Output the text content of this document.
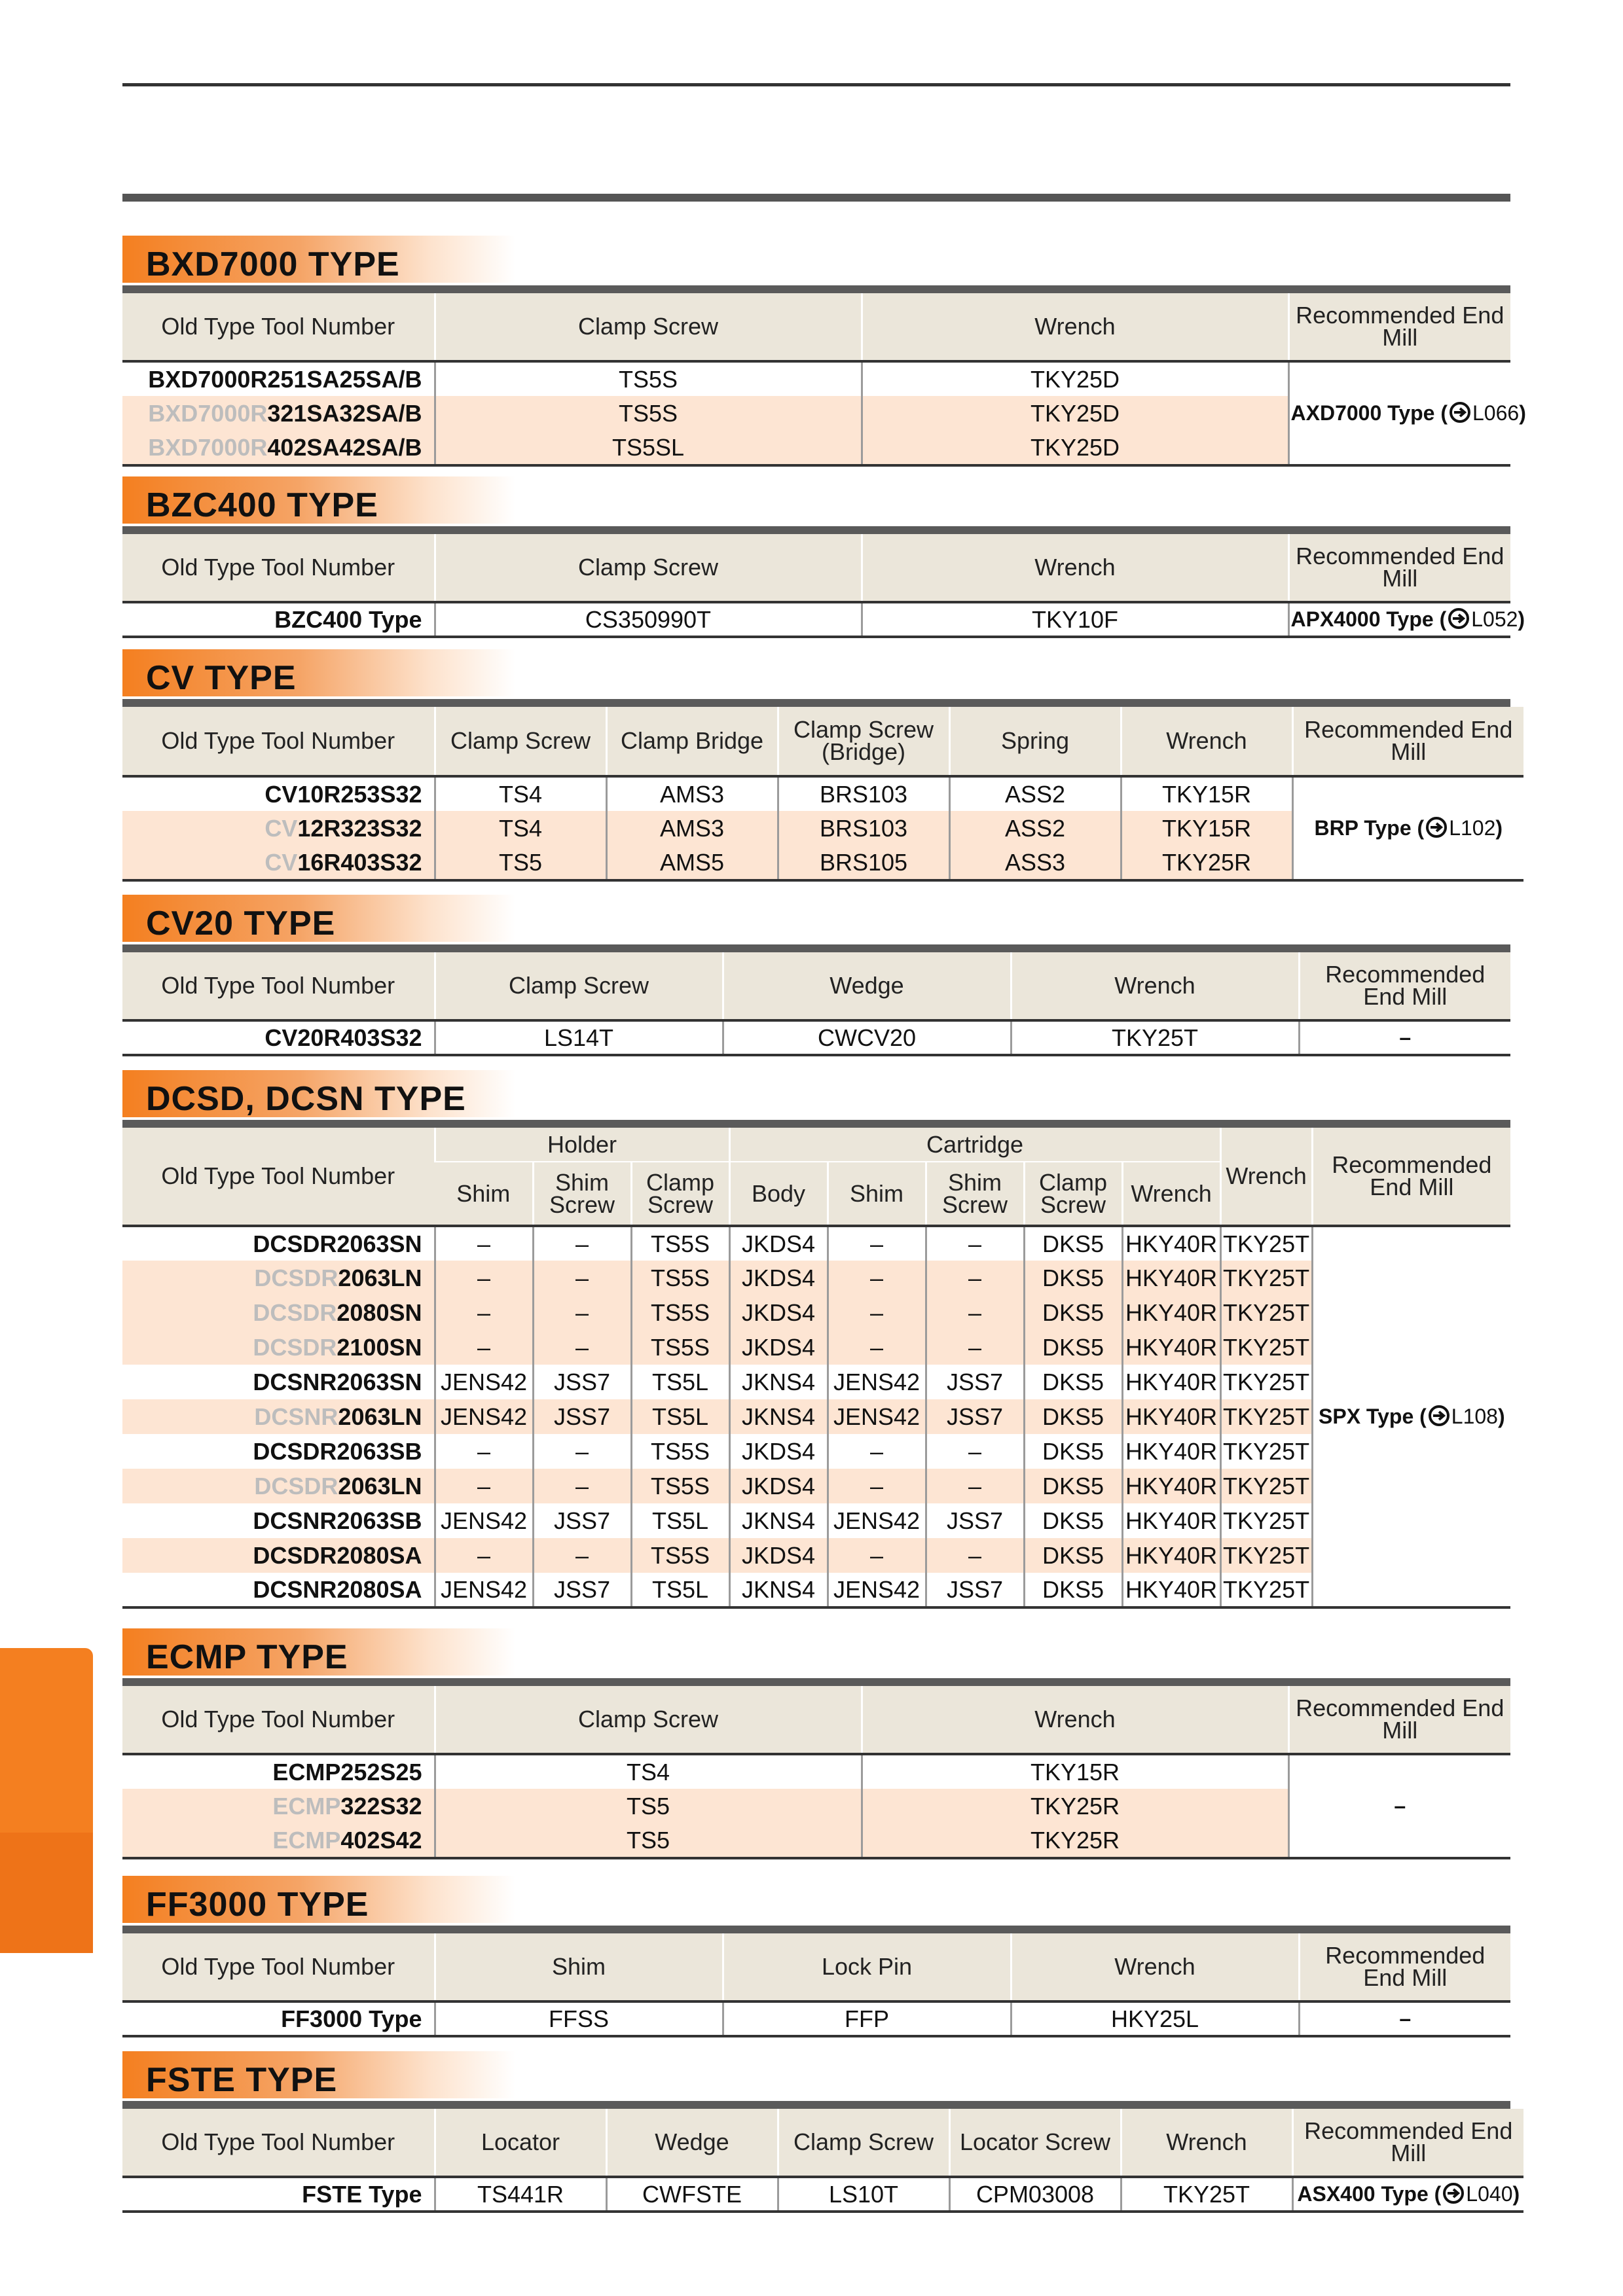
BXD7000 TYPE
Old Type Tool Number	Clamp Screw	Wrench	Recommended End Mill
BXD7000R251SA25SA/B	TS5S	TKY25D	AXD7000 Type ( L066)
BXD7000R321SA32SA/B	TS5S	TKY25D	
BXD7000R402SA42SA/B	TS5SL	TKY25D	
BZC400 TYPE
Old Type Tool Number	Clamp Screw	Wrench	Recommended End Mill
BZC400 Type	CS350990T	TKY10F	APX4000 Type ( L052)
CV TYPE
Old Type Tool Number	Clamp Screw	Clamp Bridge	Clamp Screw (Bridge)	Spring	Wrench	Recommended End Mill
CV10R253S32	TS4	AMS3	BRS103	ASS2	TKY15R	BRP Type ( L102)
CV12R323S32	TS4	AMS3	BRS103	ASS2	TKY15R	
CV16R403S32	TS5	AMS5	BRS105	ASS3	TKY25R	
CV20 TYPE
Old Type Tool Number	Clamp Screw	Wedge	Wrench	Recommended End Mill
CV20R403S32	LS14T	CWCV20	TKY25T	–
DCSD, DCSN TYPE
Old Type Tool Number	Holder			Cartridge					Wrench	Recommended End Mill
	Shim	Shim Screw	Clamp Screw	Body	Shim	Shim Screw	Clamp Screw	Wrench		
DCSDR2063SN	–	–	TS5S	JKDS4	–	–	DKS5	HKY40R	TKY25T	SPX Type ( L108)
DCSDR2063LN	–	–	TS5S	JKDS4	–	–	DKS5	HKY40R	TKY25T	
DCSDR2080SN	–	–	TS5S	JKDS4	–	–	DKS5	HKY40R	TKY25T	
DCSDR2100SN	–	–	TS5S	JKDS4	–	–	DKS5	HKY40R	TKY25T	
DCSNR2063SN	JENS42	JSS7	TS5L	JKNS4	JENS42	JSS7	DKS5	HKY40R	TKY25T	
DCSNR2063LN	JENS42	JSS7	TS5L	JKNS4	JENS42	JSS7	DKS5	HKY40R	TKY25T	
DCSDR2063SB	–	–	TS5S	JKDS4	–	–	DKS5	HKY40R	TKY25T	
DCSDR2063LN	–	–	TS5S	JKDS4	–	–	DKS5	HKY40R	TKY25T	
DCSNR2063SB	JENS42	JSS7	TS5L	JKNS4	JENS42	JSS7	DKS5	HKY40R	TKY25T	
DCSDR2080SA	–	–	TS5S	JKDS4	–	–	DKS5	HKY40R	TKY25T	
DCSNR2080SA	JENS42	JSS7	TS5L	JKNS4	JENS42	JSS7	DKS5	HKY40R	TKY25T	
ECMP TYPE
Old Type Tool Number	Clamp Screw	Wrench	Recommended End Mill
ECMP252S25	TS4	TKY15R	–
ECMP322S32	TS5	TKY25R	
ECMP402S42	TS5	TKY25R	
FF3000 TYPE
Old Type Tool Number	Shim	Lock Pin	Wrench	Recommended End Mill
FF3000 Type	FFSS	FFP	HKY25L	–
FSTE TYPE
Old Type Tool Number	Locator	Wedge	Clamp Screw	Locator Screw	Wrench	Recommended End Mill
FSTE Type	TS441R	CWFSTE	LS10T	CPM03008	TKY25T	ASX400 Type ( L040)
